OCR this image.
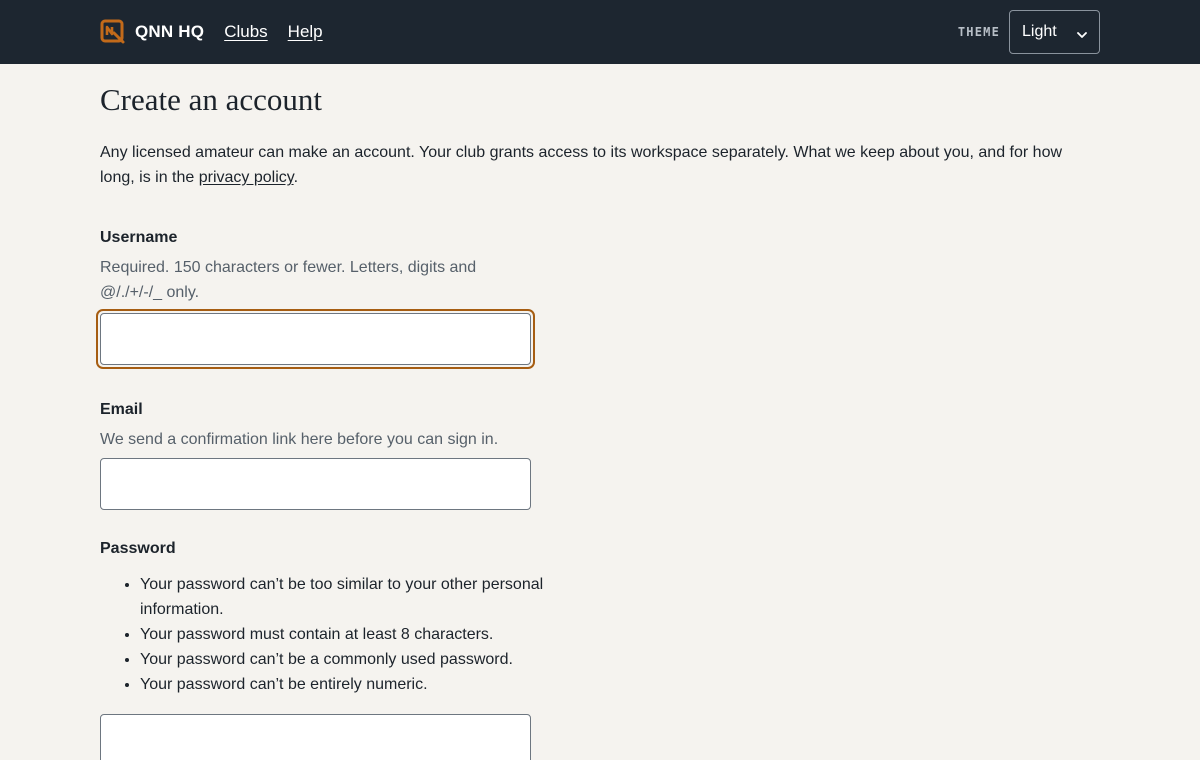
QNN HQ Clubs Help	THEME Light
Create an account

Any licensed amateur can make an account. Your club grants access to its workspace separately. What we keep about you, and for how long, is in the privacy policy.

Username
Required. 150 characters or fewer. Letters, digits and @/./+/-/_ only.
Email
We send a confirmation link here before you can sign in.
Password
• Your password can’t be too similar to your other personal information.
• Your password must contain at least 8 characters.
• Your password can’t be a commonly used password.
• Your password can’t be entirely numeric.
